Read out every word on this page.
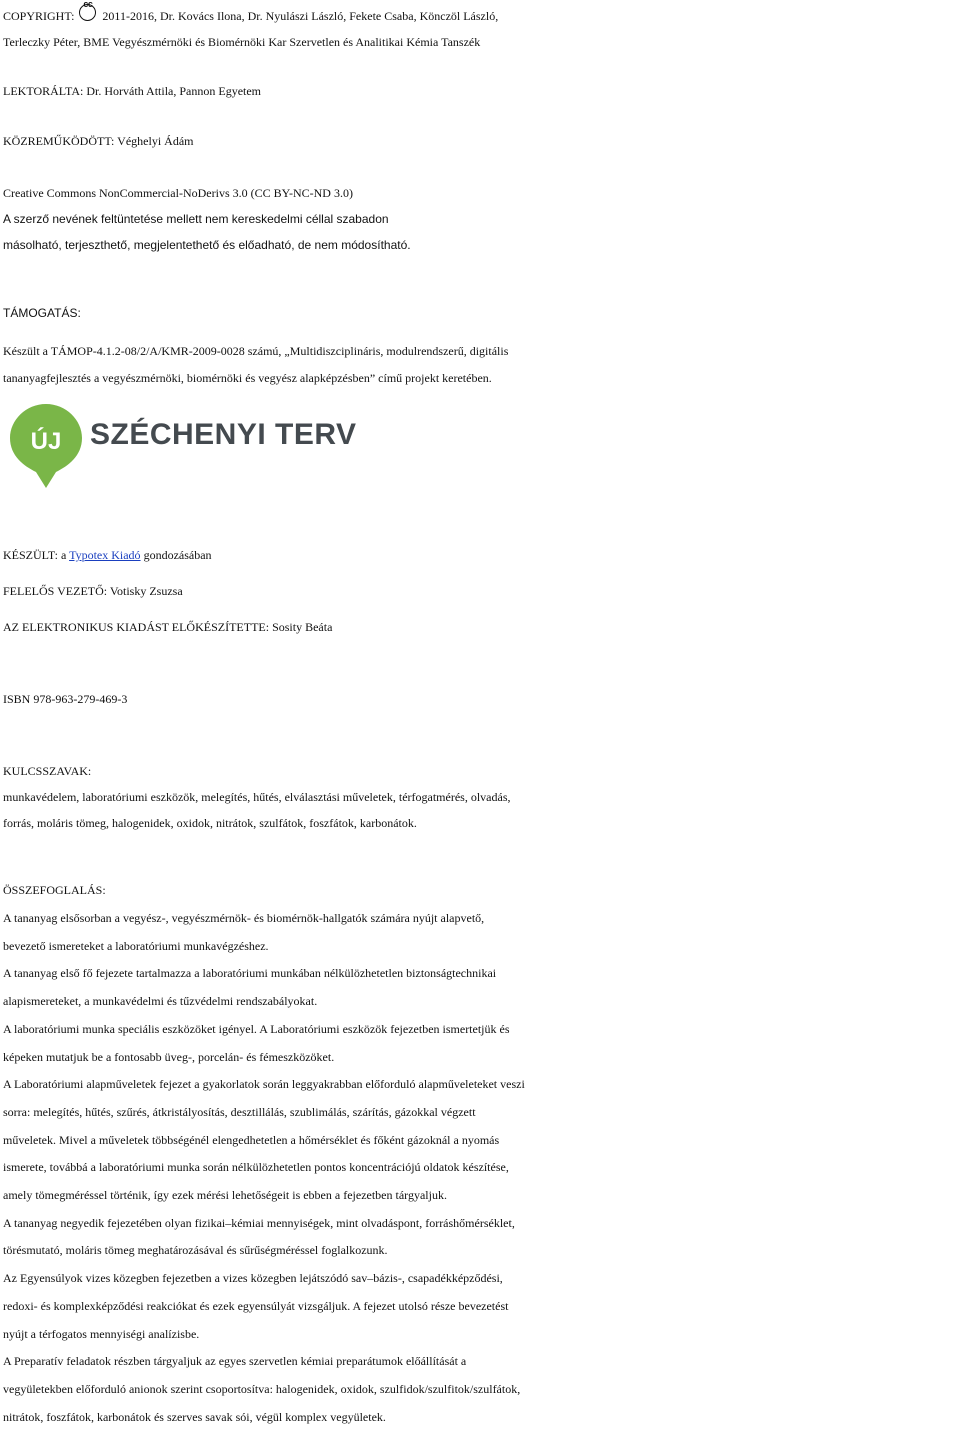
COPYRIGHT: cc 2011-2016, Dr. Kovács Ilona, Dr. Nyulászi László, Fekete Csaba, Könczöl László,
Terleczky Péter, BME Vegyészmérnöki és Biomérnöki Kar Szervetlen és Analitikai Kémia Tanszék
LEKTORÁLTA: Dr. Horváth Attila, Pannon Egyetem
KÖZREMŰKÖDÖTT: Véghelyi Ádám
Creative Commons NonCommercial-NoDerivs 3.0 (CC BY-NC-ND 3.0)
A szerző nevének feltüntetése mellett nem kereskedelmi céllal szabadon
másolható, terjeszthető, megjelentethető és előadható, de nem módosítható.
TÁMOGATÁS:
Készült a TÁMOP-4.1.2-08/2/A/KMR-2009-0028 számú, „Multidiszciplináris, modulrendszerű, digitális
tananyagfejlesztés a vegyészmérnöki, biomérnöki és vegyész alapképzésben” című projekt keretében.
ÚJ SZÉCHENYI TERV
KÉSZÜLT: a Typotex Kiadó gondozásában
FELELŐS VEZETŐ: Votisky Zsuzsa
AZ ELEKTRONIKUS KIADÁST ELŐKÉSZÍTETTE: Sosity Beáta
ISBN 978-963-279-469-3
KULCSSZAVAK:
munkavédelem, laboratóriumi eszközök, melegítés, hűtés, elválasztási műveletek, térfogatmérés, olvadás,
forrás, moláris tömeg, halogenidek, oxidok, nitrátok, szulfátok, foszfátok, karbonátok.
ÖSSZEFOGLALÁS:
A tananyag elsősorban a vegyész-, vegyészmérnök- és biomérnök-hallgatók számára nyújt alapvető,
bevezető ismereteket a laboratóriumi munkavégzéshez.
A tananyag első fő fejezete tartalmazza a laboratóriumi munkában nélkülözhetetlen biztonságtechnikai
alapismereteket, a munkavédelmi és tűzvédelmi rendszabályokat.
A laboratóriumi munka speciális eszközöket igényel. A Laboratóriumi eszközök fejezetben ismertetjük és
képeken mutatjuk be a fontosabb üveg-, porcelán- és fémeszközöket.
A Laboratóriumi alapműveletek fejezet a gyakorlatok során leggyakrabban előforduló alapműveleteket veszi
sorra: melegítés, hűtés, szűrés, átkristályosítás, desztillálás, szublimálás, szárítás, gázokkal végzett
műveletek. Mivel a műveletek többségénél elengedhetetlen a hőmérséklet és főként gázoknál a nyomás
ismerete, továbbá a laboratóriumi munka során nélkülözhetetlen pontos koncentrációjú oldatok készítése,
amely tömegméréssel történik, így ezek mérési lehetőségeit is ebben a fejezetben tárgyaljuk.
A tananyag negyedik fejezetében olyan fizikai–kémiai mennyiségek, mint olvadáspont, forráshőmérséklet,
törésmutató, moláris tömeg meghatározásával és sűrűségméréssel foglalkozunk.
Az Egyensúlyok vizes közegben fejezetben a vizes közegben lejátszódó sav–bázis-, csapadékképződési,
redoxi- és komplexképződési reakciókat és ezek egyensúlyát vizsgáljuk. A fejezet utolsó része bevezetést
nyújt a térfogatos mennyiségi analízisbe.
A Preparatív feladatok részben tárgyaljuk az egyes szervetlen kémiai preparátumok előállítását a
vegyületekben előforduló anionok szerint csoportosítva: halogenidek, oxidok, szulfidok/szulfitok/szulfátok,
nitrátok, foszfátok, karbonátok és szerves savak sói, végül komplex vegyületek.
